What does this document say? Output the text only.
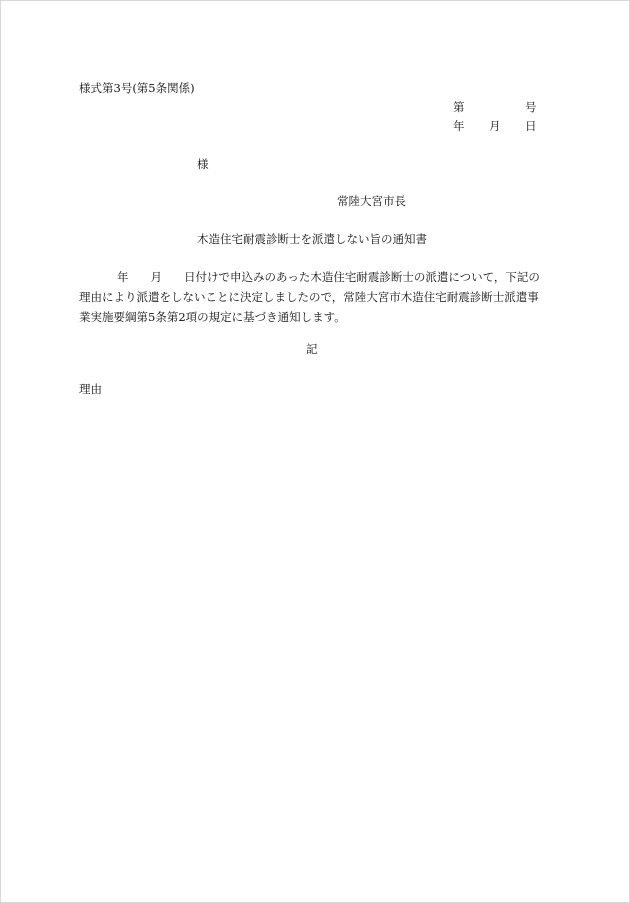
様式第3号(第5条関係)
第	号
年 月 日
様
常陸大宮市長
木造住宅耐震診断士を派遣しない旨の通知書
年 月 日付けで申込みのあった木造住宅耐震診断士の派遣について，下記の
理由により派遣をしないことに決定しましたので，常陸大宮市木造住宅耐震診断士派遣事
業実施要綱第5条第2項の規定に基づき通知します。
記
理由
